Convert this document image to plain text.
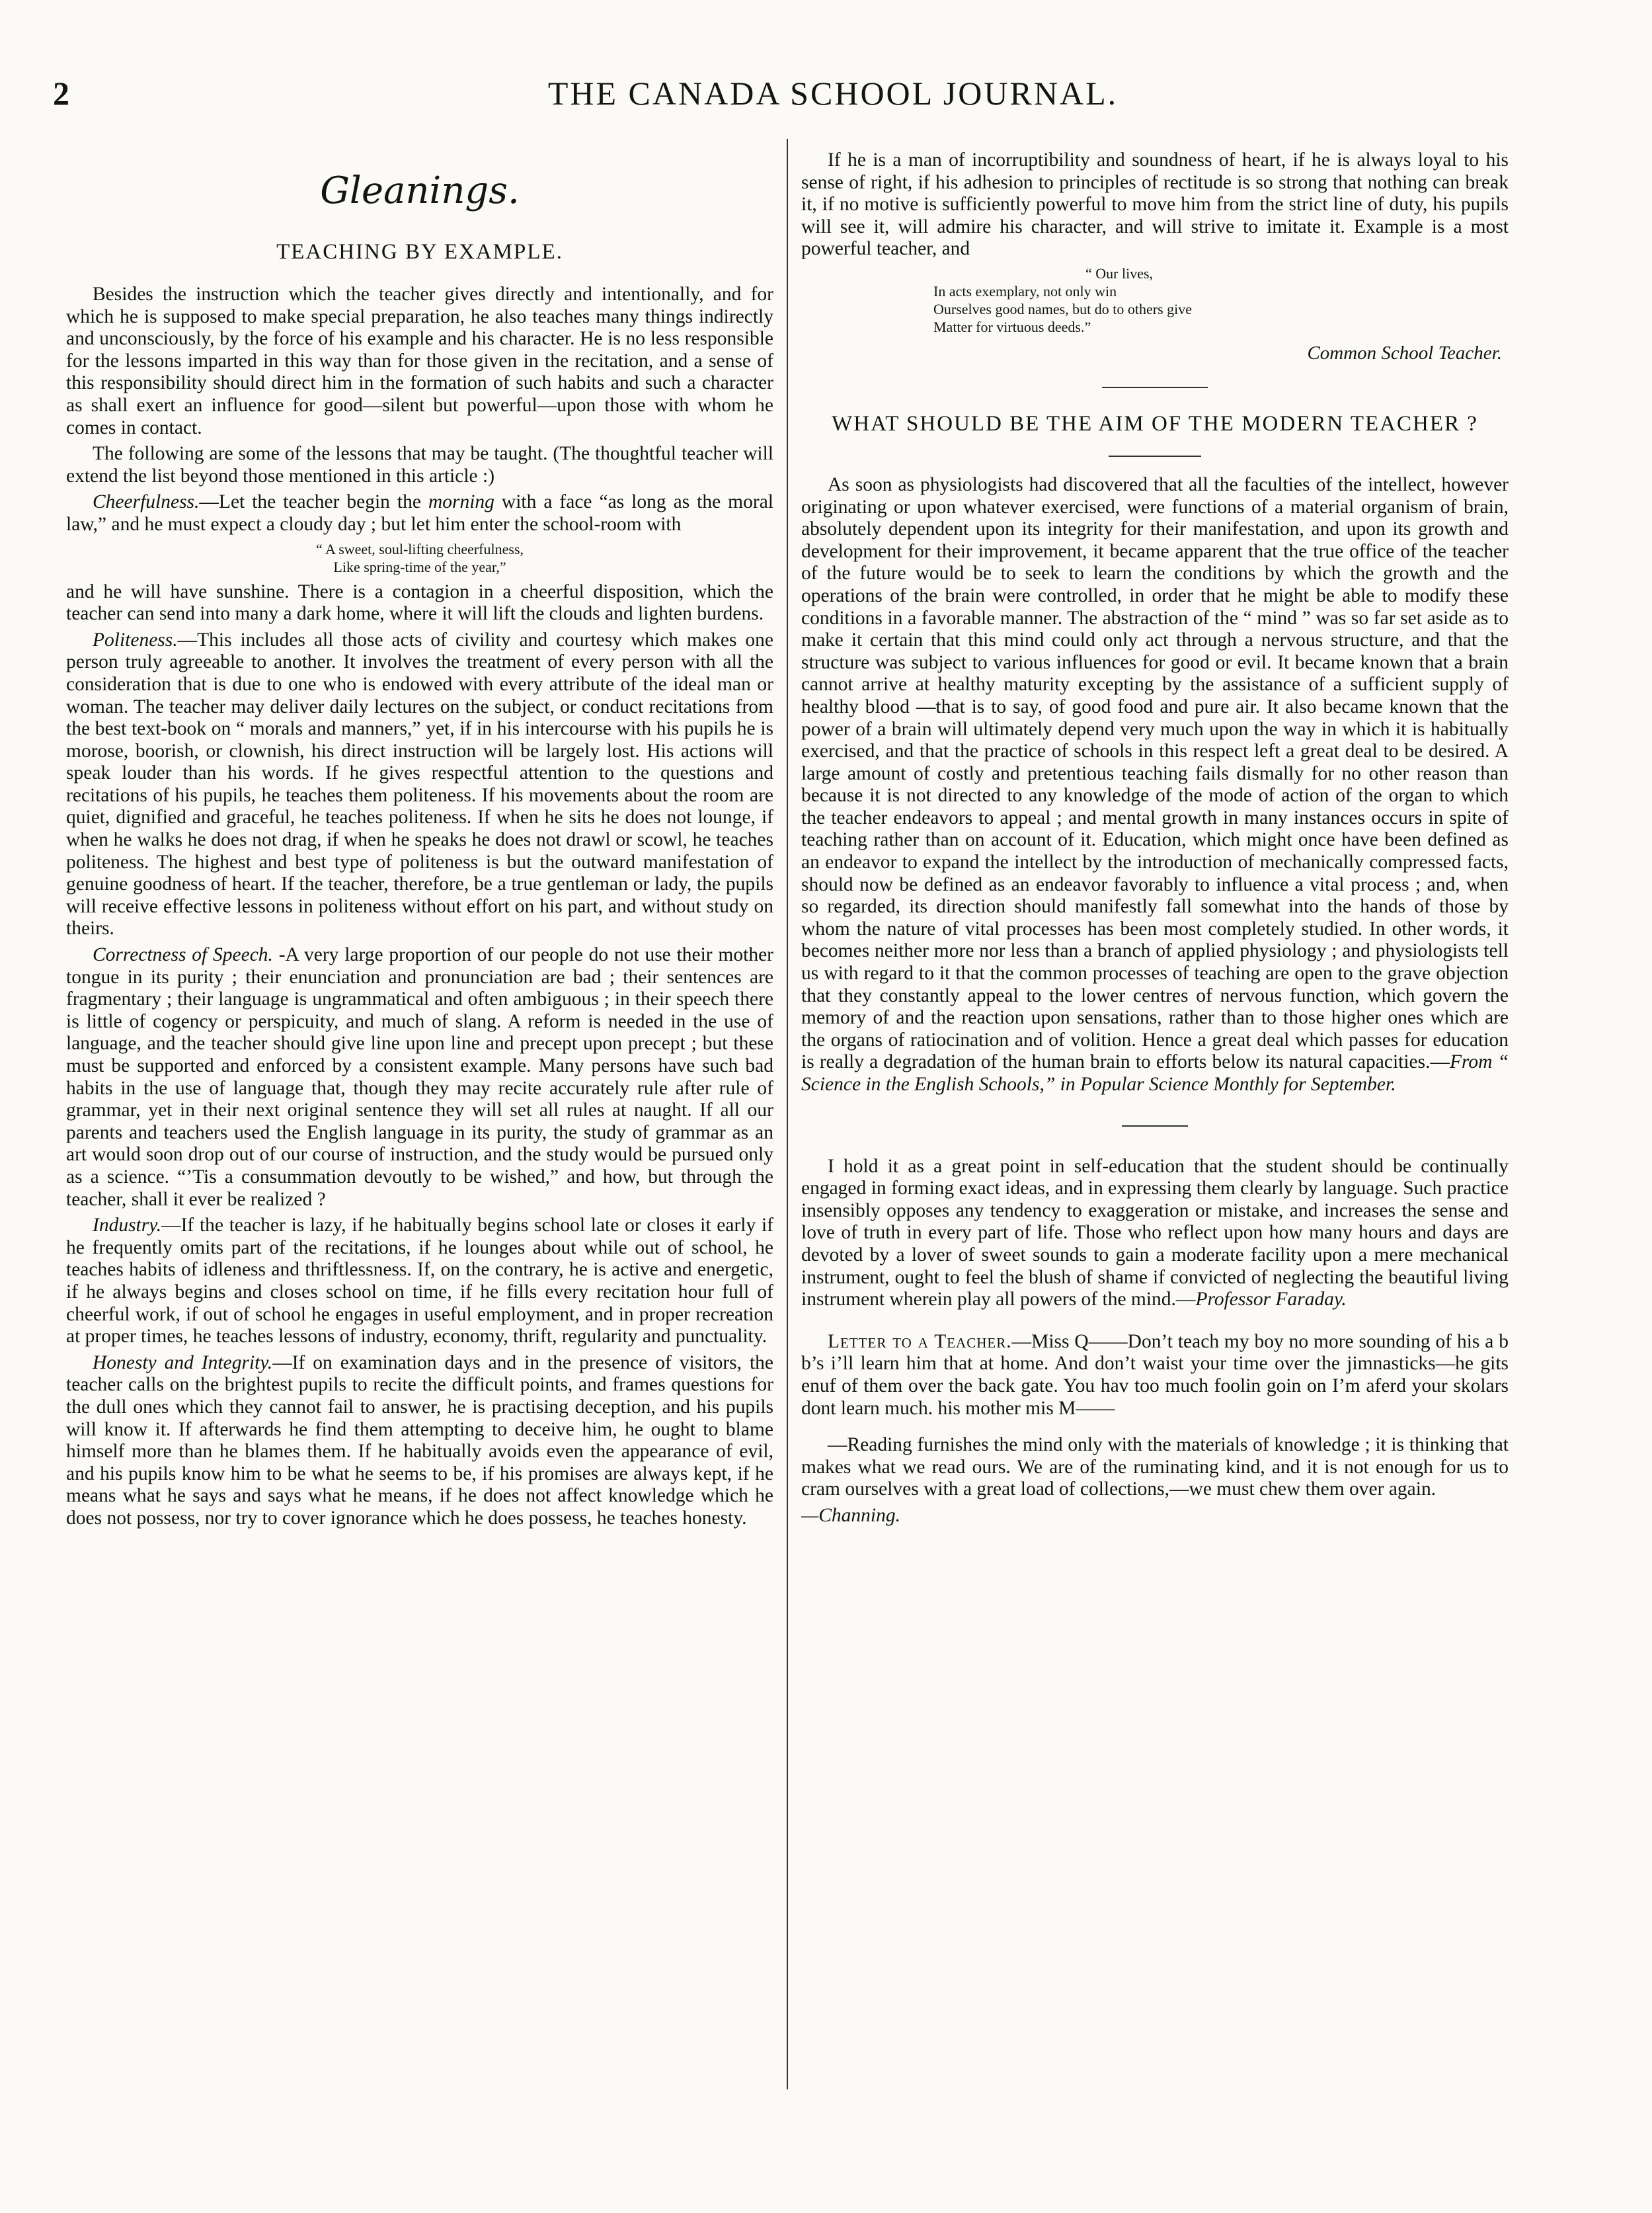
2	THE CANADA SCHOOL JOURNAL.
Gleanings.
TEACHING BY EXAMPLE.

Besides the instruction which the teacher gives directly and intentionally, and for which he is supposed to make special preparation, he also teaches many things indirectly and unconsciously, by the force of his example and his character. He is no less responsible for the lessons imparted in this way than for those given in the recitation, and a sense of this responsibility should direct him in the formation of such habits and such a character as shall exert an influence for good—silent but powerful—upon those with whom he comes in contact.

The following are some of the lessons that may be taught. (The thoughtful teacher will extend the list beyond those mentioned in this article :)

Cheerfulness.—Let the teacher begin the morning with a face “as long as the moral law,” and he must expect a cloudy day ; but let him enter the school-room with

“ A sweet, soul-lifting cheerfulness,
Like spring-time of the year,”

and he will have sunshine. There is a contagion in a cheerful disposition, which the teacher can send into many a dark home, where it will lift the clouds and lighten burdens.

Politeness.—This includes all those acts of civility and courtesy which makes one person truly agreeable to another. It involves the treatment of every person with all the consideration that is due to one who is endowed with every attribute of the ideal man or woman. The teacher may deliver daily lectures on the subject, or conduct recitations from the best text-book on “ morals and manners,” yet, if in his intercourse with his pupils he is morose, boorish, or clownish, his direct instruction will be largely lost. His actions will speak louder than his words. If he gives respectful attention to the questions and recitations of his pupils, he teaches them politeness. If his movements about the room are quiet, dignified and graceful, he teaches politeness. If when he sits he does not lounge, if when he walks he does not drag, if when he speaks he does not drawl or scowl, he teaches politeness. The highest and best type of politeness is but the outward manifestation of genuine goodness of heart. If the teacher, therefore, be a true gentleman or lady, the pupils will receive effective lessons in politeness without effort on his part, and without study on theirs.

Correctness of Speech. -A very large proportion of our people do not use their mother tongue in its purity ; their enunciation and pronunciation are bad ; their sentences are fragmentary ; their language is ungrammatical and often ambiguous ; in their speech there is little of cogency or perspicuity, and much of slang. A reform is needed in the use of language, and the teacher should give line upon line and precept upon precept ; but these must be supported and enforced by a consistent example. Many persons have such bad habits in the use of language that, though they may recite accurately rule after rule of grammar, yet in their next original sentence they will set all rules at naught. If all our parents and teachers used the English language in its purity, the study of grammar as an art would soon drop out of our course of instruction, and the study would be pursued only as a science. “’Tis a consummation devoutly to be wished,” and how, but through the teacher, shall it ever be realized ?

Industry.—If the teacher is lazy, if he habitually begins school late or closes it early if he frequently omits part of the recitations, if he lounges about while out of school, he teaches habits of idleness and thriftlessness. If, on the contrary, he is active and energetic, if he always begins and closes school on time, if he fills every recitation hour full of cheerful work, if out of school he engages in useful employment, and in proper recreation at proper times, he teaches lessons of industry, economy, thrift, regularity and punctuality.

Honesty and Integrity.—If on examination days and in the presence of visitors, the teacher calls on the brightest pupils to recite the difficult points, and frames questions for the dull ones which they cannot fail to answer, he is practising deception, and his pupils will know it. If afterwards he find them attempting to deceive him, he ought to blame himself more than he blames them. If he habitually avoids even the appearance of evil, and his pupils know him to be what he seems to be, if his promises are always kept, if he means what he says and says what he means, if he does not affect knowledge which he does not possess, nor try to cover ignorance which he does possess, he teaches honesty.

If he is a man of incorruptibility and soundness of heart, if he is always loyal to his sense of right, if his adhesion to principles of rectitude is so strong that nothing can break it, if no motive is sufficiently powerful to move him from the strict line of duty, his pupils will see it, will admire his character, and will strive to imitate it. Example is a most powerful teacher, and

“ Our lives,
In acts exemplary, not only win
Ourselves good names, but do to others give
Matter for virtuous deeds.”
Common School Teacher.
WHAT SHOULD BE THE AIM OF THE MODERN TEACHER ?

As soon as physiologists had discovered that all the faculties of the intellect, however originating or upon whatever exercised, were functions of a material organism of brain, absolutely dependent upon its integrity for their manifestation, and upon its growth and development for their improvement, it became apparent that the true office of the teacher of the future would be to seek to learn the conditions by which the growth and the operations of the brain were controlled, in order that he might be able to modify these conditions in a favorable manner. The abstraction of the “ mind ” was so far set aside as to make it certain that this mind could only act through a nervous structure, and that the structure was subject to various influences for good or evil. It became known that a brain cannot arrive at healthy maturity excepting by the assistance of a sufficient supply of healthy blood —that is to say, of good food and pure air. It also became known that the power of a brain will ultimately depend very much upon the way in which it is habitually exercised, and that the practice of schools in this respect left a great deal to be desired. A large amount of costly and pretentious teaching fails dismally for no other reason than because it is not directed to any knowledge of the mode of action of the organ to which the teacher endeavors to appeal ; and mental growth in many instances occurs in spite of teaching rather than on account of it. Education, which might once have been defined as an endeavor to expand the intellect by the introduction of mechanically compressed facts, should now be defined as an endeavor favorably to influence a vital process ; and, when so regarded, its direction should manifestly fall somewhat into the hands of those by whom the nature of vital processes has been most completely studied. In other words, it becomes neither more nor less than a branch of applied physiology ; and physiologists tell us with regard to it that the common processes of teaching are open to the grave objection that they constantly appeal to the lower centres of nervous function, which govern the memory of and the reaction upon sensations, rather than to those higher ones which are the organs of ratiocination and of volition. Hence a great deal which passes for education is really a degradation of the human brain to efforts below its natural capacities.—From “ Science in the English Schools,” in Popular Science Monthly for September.

I hold it as a great point in self-education that the student should be continually engaged in forming exact ideas, and in expressing them clearly by language. Such practice insensibly opposes any tendency to exaggeration or mistake, and increases the sense and love of truth in every part of life. Those who reflect upon how many hours and days are devoted by a lover of sweet sounds to gain a moderate facility upon a mere mechanical instrument, ought to feel the blush of shame if convicted of neglecting the beautiful living instrument wherein play all powers of the mind.—Professor Faraday.

Letter to a Teacher.—Miss Q——Don’t teach my boy no more sounding of his a b b’s i’ll learn him that at home. And don’t waist your time over the jimnasticks—he gits enuf of them over the back gate. You hav too much foolin goin on I’m aferd your skolars dont learn much. his mother mis M——

—Reading furnishes the mind only with the materials of knowledge ; it is thinking that makes what we read ours. We are of the ruminating kind, and it is not enough for us to cram ourselves with a great load of collections,—we must chew them over again.

—Channing.
